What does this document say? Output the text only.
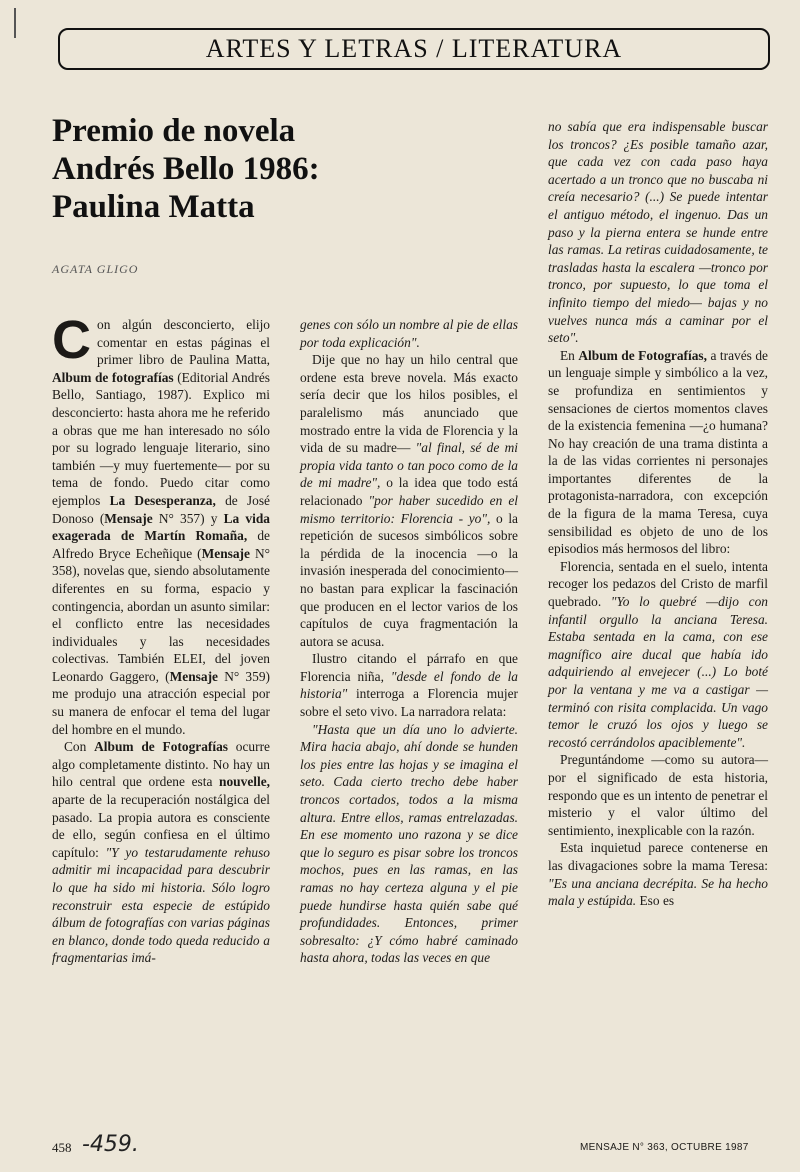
ARTES Y LETRAS / LITERATURA
Premio de novela
Andrés Bello 1986:
Paulina Matta
AGATA GLIGO

Con algún desconcierto, elijo comentar en estas páginas el primer libro de Paulina Matta, Album de fotografías (Editorial Andrés Bello, Santiago, 1987). Explico mi desconcierto: hasta ahora me he referido a obras que me han interesado no sólo por su logrado lenguaje literario, sino también —y muy fuertemente— por su tema de fondo. Puedo citar como ejemplos La Desesperanza, de José Donoso (Mensaje N° 357) y La vida exagerada de Martín Romaña, de Alfredo Bryce Echeñique (Mensaje N° 358), novelas que, siendo absolutamente diferentes en su forma, espacio y contingencia, abordan un asunto similar: el conflicto entre las necesidades individuales y las necesidades colectivas. También ELEI, del joven Leonardo Gaggero, (Mensaje N° 359) me produjo una atracción especial por su manera de enfocar el tema del lugar del hombre en el mundo.

Con Album de Fotografías ocurre algo completamente distinto. No hay un hilo central que ordene esta nouvelle, aparte de la recuperación nostálgica del pasado. La propia autora es consciente de ello, según confiesa en el último capítulo: "Y yo testarudamente rehuso admitir mi incapacidad para descubrir lo que ha sido mi historia. Sólo logro reconstruir esta especie de estúpido álbum de fotografías con varias páginas en blanco, donde todo queda reducido a fragmentarias imá-

genes con sólo un nombre al pie de ellas por toda explicación".

Dije que no hay un hilo central que ordene esta breve novela. Más exacto sería decir que los hilos posibles, el paralelismo más anunciado que mostrado entre la vida de Florencia y la vida de su madre— "al final, sé de mi propia vida tanto o tan poco como de la de mi madre", o la idea que todo está relacionado "por haber sucedido en el mismo territorio: Florencia - yo", o la repetición de sucesos simbólicos sobre la pérdida de la inocencia —o la invasión inesperada del conocimiento— no bastan para explicar la fascinación que producen en el lector varios de los capítulos de cuya fragmentación la autora se acusa.

Ilustro citando el párrafo en que Florencia niña, "desde el fondo de la historia" interroga a Florencia mujer sobre el seto vivo. La narradora relata:

"Hasta que un día uno lo advierte. Mira hacia abajo, ahí donde se hunden los pies entre las hojas y se imagina el seto. Cada cierto trecho debe haber troncos cortados, todos a la misma altura. Entre ellos, ramas entrelazadas. En ese momento uno razona y se dice que lo seguro es pisar sobre los troncos mochos, pues en las ramas, en las ramas no hay certeza alguna y el pie puede hundirse hasta quién sabe qué profundidades. Entonces, primer sobresalto: ¿Y cómo habré caminado hasta ahora, todas las veces en que

no sabía que era indispensable buscar los troncos? ¿Es posible tamaño azar, que cada vez con cada paso haya acertado a un tronco que no buscaba ni creía necesario? (...) Se puede intentar el antiguo método, el ingenuo. Das un paso y la pierna entera se hunde entre las ramas. La retiras cuidadosamente, te trasladas hasta la escalera —tronco por tronco, por supuesto, lo que toma el infinito tiempo del miedo— bajas y no vuelves nunca más a caminar por el seto".

En Album de Fotografías, a través de un lenguaje simple y simbólico a la vez, se profundiza en sentimientos y sensaciones de ciertos momentos claves de la existencia femenina —¿o humana? No hay creación de una trama distinta a la de las vidas corrientes ni personajes importantes diferentes de la protagonista-narradora, con excepción de la figura de la mama Teresa, cuya sensibilidad es objeto de uno de los episodios más hermosos del libro:

Florencia, sentada en el suelo, intenta recoger los pedazos del Cristo de marfil quebrado. "Yo lo quebré —dijo con infantil orgullo la anciana Teresa. Estaba sentada en la cama, con ese magnífico aire ducal que había ido adquiriendo al envejecer (...) Lo boté por la ventana y me va a castigar —terminó con risita complacida. Un vago temor le cruzó los ojos y luego se recostó cerrándolos apaciblemente".

Preguntándome —como su autora— por el significado de esta historia, respondo que es un intento de penetrar el misterio y el valor último del sentimiento, inexplicable con la razón.

Esta inquietud parece contenerse en las divagaciones sobre la mama Teresa: "Es una anciana decrépita. Se ha hecho mala y estúpida. Eso es

458 -459.	MENSAJE N° 363, OCTUBRE 1987
